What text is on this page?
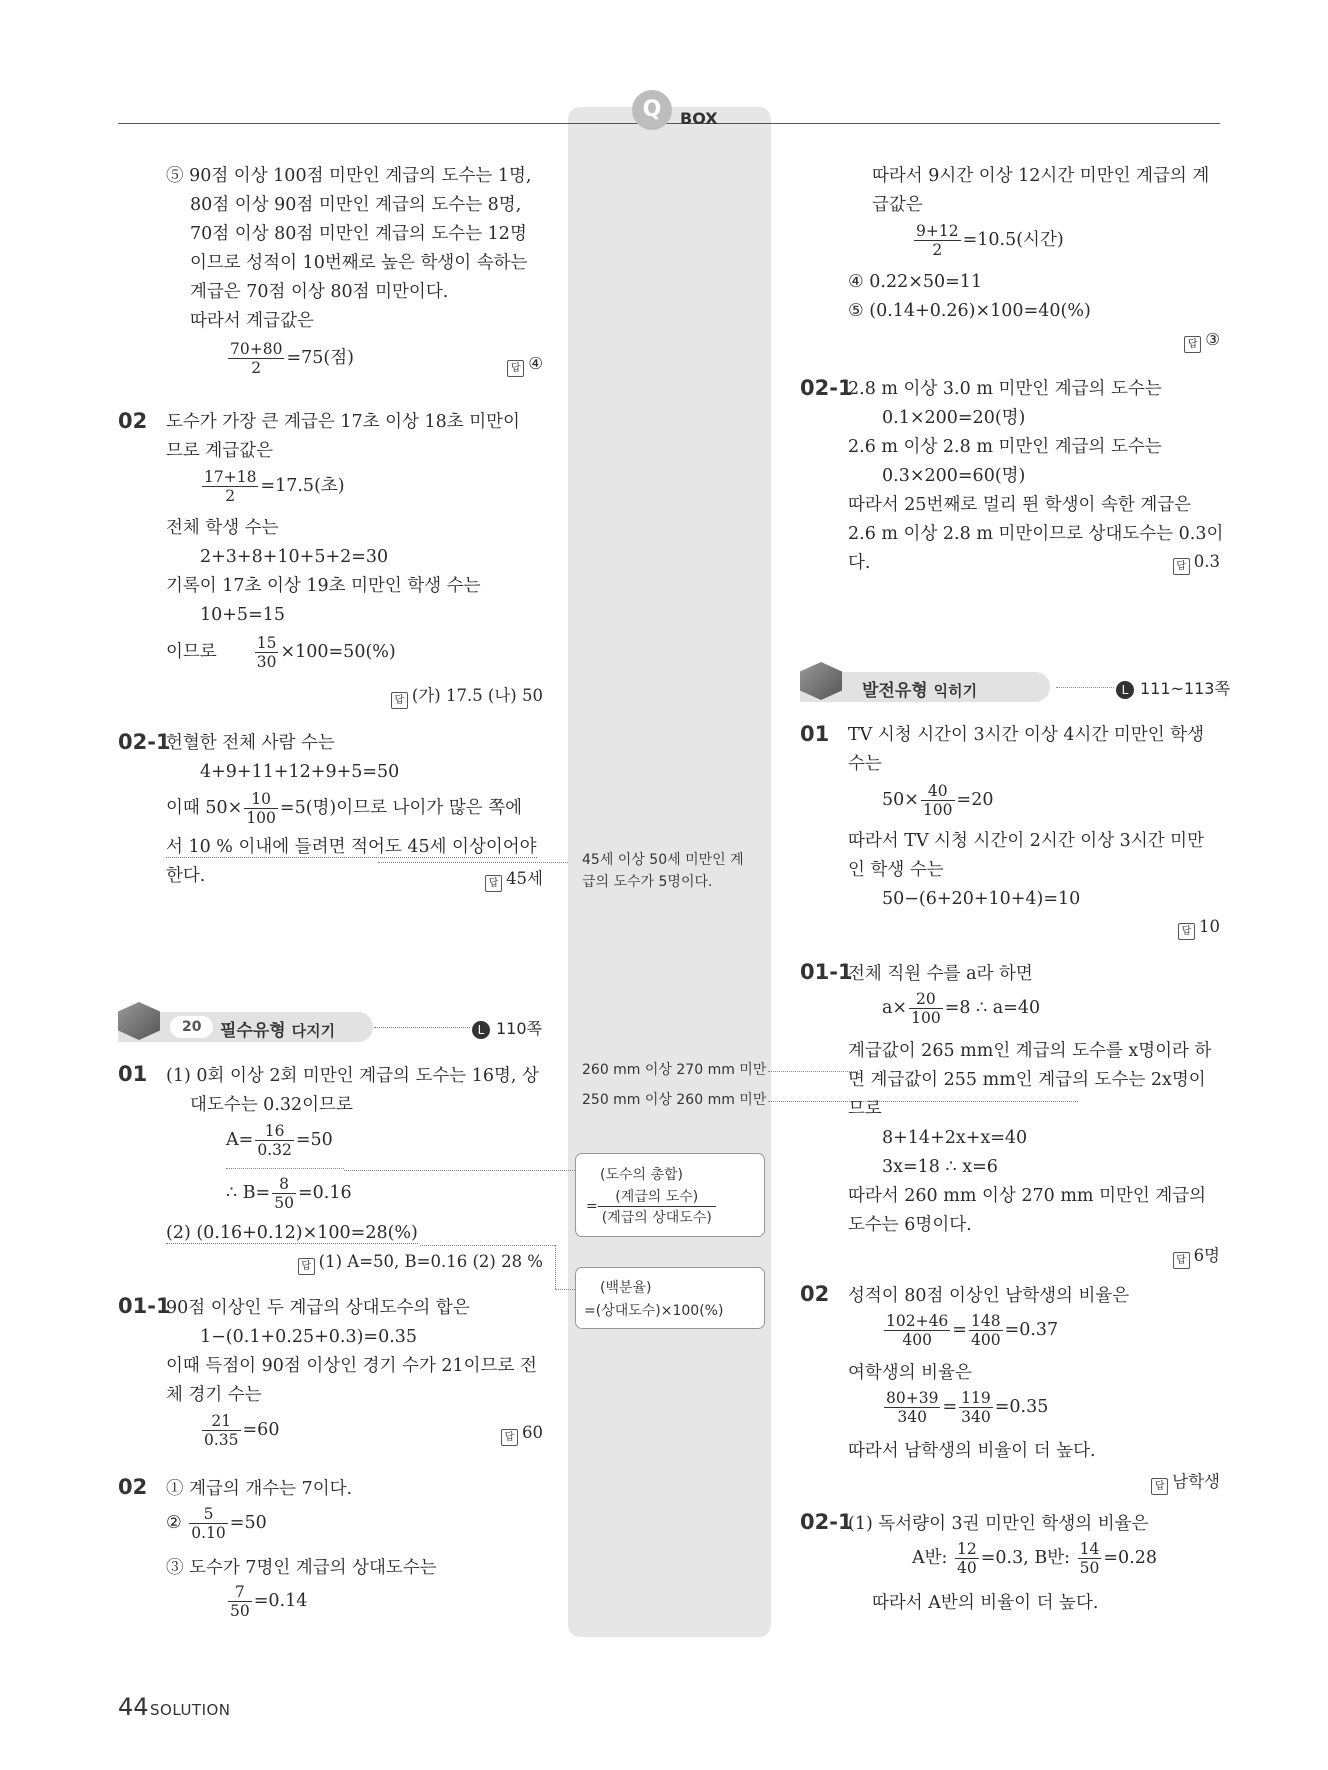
Q	BOX
⑤ 90점 이상 100점 미만인 계급의 도수는 1명,
80점 이상 90점 미만인 계급의 도수는 8명,
70점 이상 80점 미만인 계급의 도수는 12명
이므로 성적이 10번째로 높은 학생이 속하는
계급은 70점 이상 80점 미만이다.
따라서 계급값은
$\frac{70+80}{2} =75$(점)
답 ④
02 도수가 가장 큰 계급은 17초 이상 18초 미만이
므로 계급값은
$\frac{17+18}{2} =17.5$(초)
전체 학생 수는
2+3+8+10+5+2=30
기록이 17초 이상 19초 미만인 학생 수는
10+5=15
이므로 $\frac{15}{30} \times 100=50(\%)$
답 (가) 17.5 (나) 50
02-1
헌혈한 전체 사람 수는
4+9+11+12+9+5=50
이때 $50\times \frac{10}{100} =5$(명)이므로 나이가 많은 쪽에
서 10 % 이내에 들려면 적어도 45세 이상이어야
한다.	답 45세
20	필수유형 다지기	L 110쪽
01 (1) 0회 이상 2회 미만인 계급의 도수는 16명, 상
대도수는 0.32이므로
$A= \frac{16}{0.32} =50$
∴ $B= \frac{8}{50} =0.16$
(2) (0.16+0.12)×100=28(%)
답 (1) A=50, B=0.16 (2) 28 %
01-1
90점 이상인 두 계급의 상대도수의 합은
1−(0.1+0.25+0.3)=0.35
이때 득점이 90점 이상인 경기 수가 21이므로 전
체 경기 수는
$\frac{21}{0.35} =60$	답 60
02 ① 계급의 개수는 7이다.
② $\frac{5}{0.10} =50$
③ 도수가 7명인 계급의 상대도수는
$\frac{7}{50} =0.14$
45세 이상 50세 미만인 계
급의 도수가 5명이다.
260 mm 이상 270 mm 미만
250 mm 이상 260 mm 미만
(도수의 총합)
=
(계급의 도수)
(계급의 상대도수)
(백분율)
=(상대도수)×100(%)
따라서 9시간 이상 12시간 미만인 계급의 계
급값은
$\frac{9+12}{2} =10.5$(시간)
④ 0.22×50=11
⑤ (0.14+0.26)×100=40(%)
답 ③
02-1
2.8 m 이상 3.0 m 미만인 계급의 도수는
0.1×200=20(명)
2.6 m 이상 2.8 m 미만인 계급의 도수는
0.3×200=60(명)
따라서 25번째로 멀리 뛴 학생이 속한 계급은
2.6 m 이상 2.8 m 미만이므로 상대도수는 0.3이
다.	답 0.3
발전유형 익히기	L 111~113쪽
01 TV 시청 시간이 3시간 이상 4시간 미만인 학생
수는
$50\times \frac{40}{100} =20$
따라서 TV 시청 시간이 2시간 이상 3시간 미만
인 학생 수는
50−(6+20+10+4)=10
답 10
01-1
전체 직원 수를 a라 하면
$a\times \frac{20}{100} =8$ ∴ a=40
계급값이 265 mm인 계급의 도수를 x명이라 하
면 계급값이 255 mm인 계급의 도수는 2x명이
므로
8+14+2x+x=40
3x=18 ∴ x=6
따라서 260 mm 이상 270 mm 미만인 계급의
도수는 6명이다.
답 6명
02 성적이 80점 이상인 남학생의 비율은
$\frac{102+46}{400} = \frac{148}{400} =0.37$
여학생의 비율은
$\frac{80+39}{340} = \frac{119}{340} =0.35$
따라서 남학생의 비율이 더 높다.
답 남학생
02-1
(1) 독서량이 3권 미만인 학생의 비율은
A반: $\frac{12}{40} =0.3$, B반: $\frac{14}{50} =0.28$
따라서 A반의 비율이 더 높다.
44 SOLUTION
